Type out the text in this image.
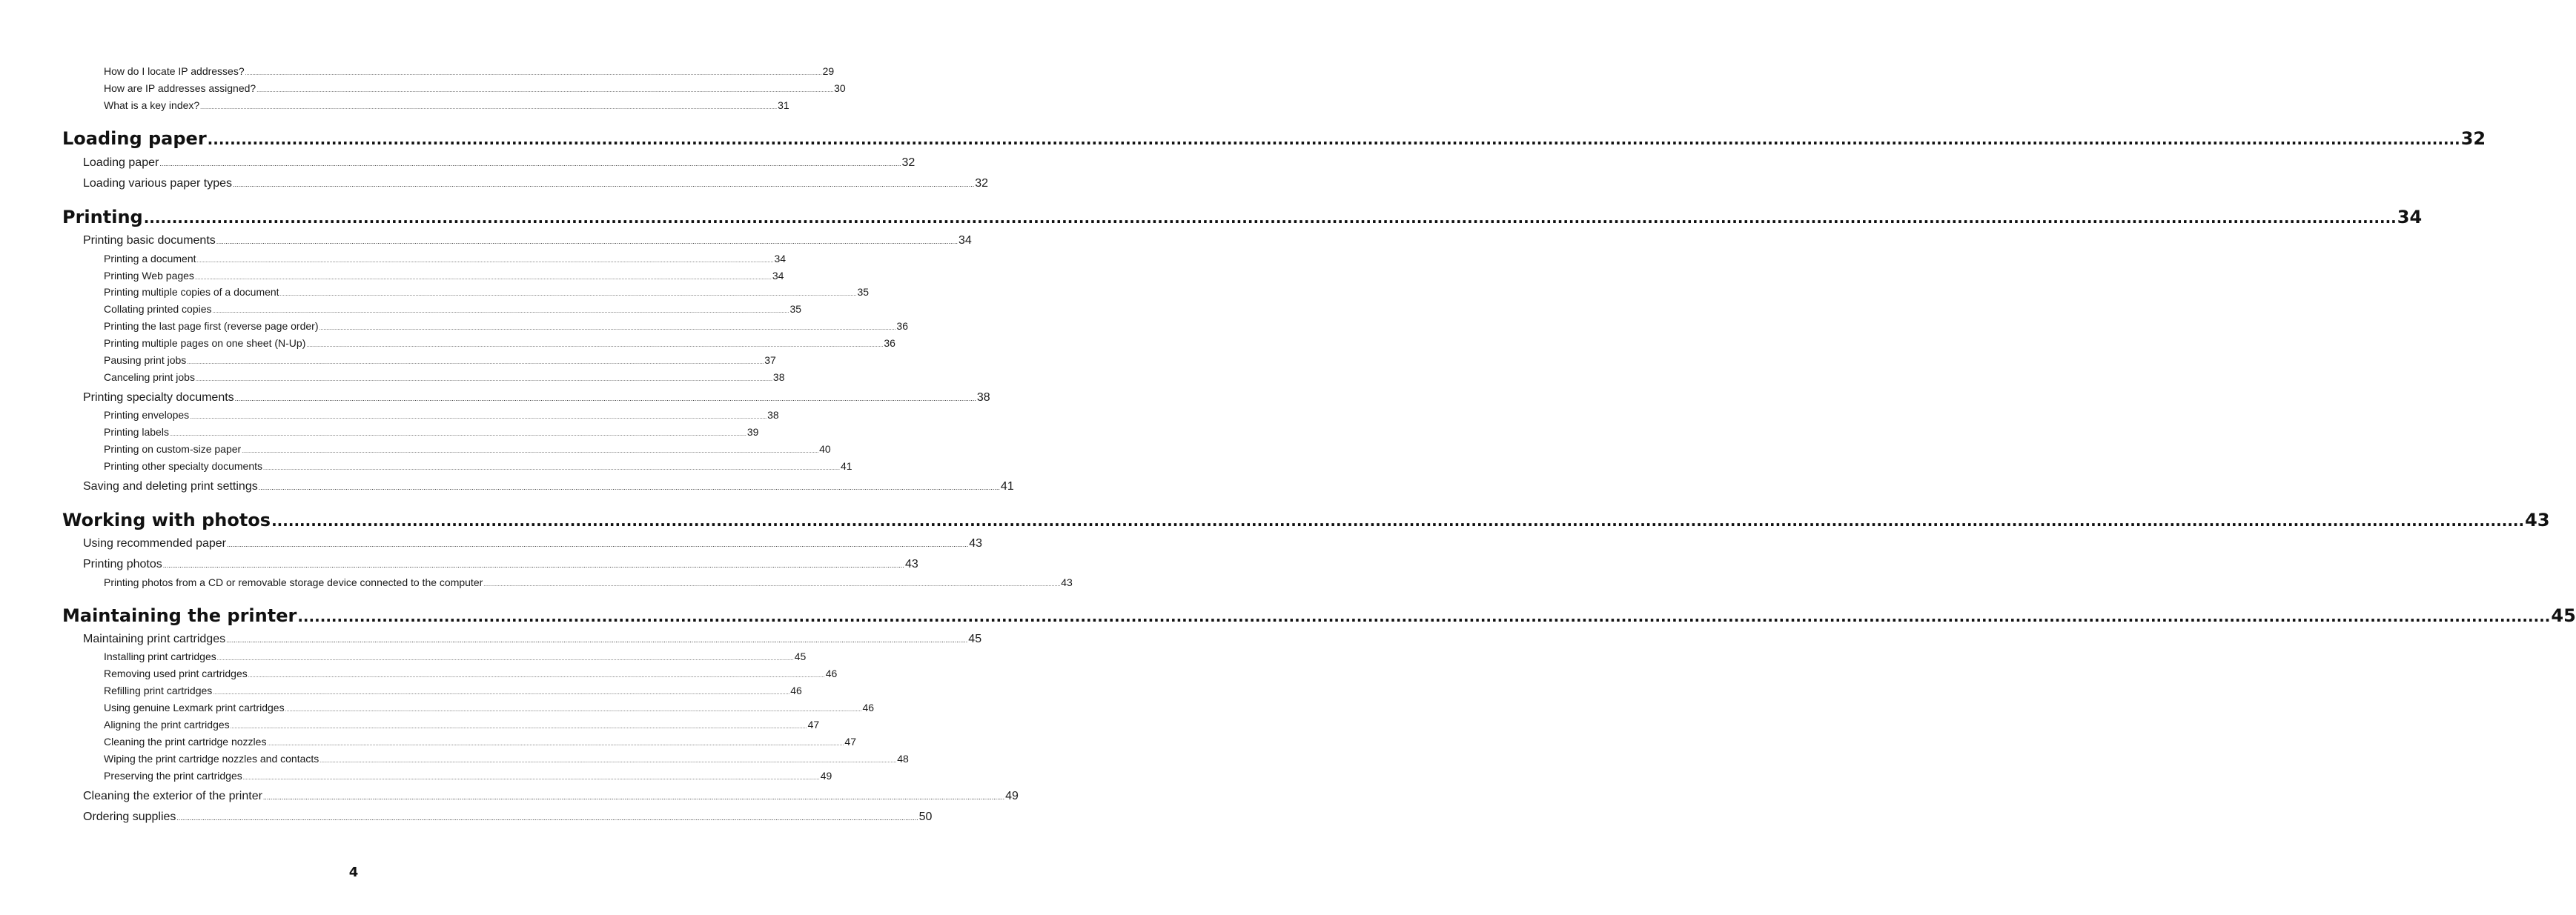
How do I locate IP addresses? ................................................................................................................................................................................................................................................................................................................................................................................................................ 29
How are IP addresses assigned? ................................................................................................................................................................................................................................................................................................................................................................................................................ 30
What is a key index? ................................................................................................................................................................................................................................................................................................................................................................................................................ 31
Loading paper ................................................................................................................................................................................................................................................................................................................................................................................................................ 32
Loading paper ................................................................................................................................................................................................................................................................................................................................................................................................................ 32
Loading various paper types ................................................................................................................................................................................................................................................................................................................................................................................................................ 32
Printing ................................................................................................................................................................................................................................................................................................................................................................................................................ 34
Printing basic documents ................................................................................................................................................................................................................................................................................................................................................................................................................ 34
Printing a document ................................................................................................................................................................................................................................................................................................................................................................................................................ 34
Printing Web pages ................................................................................................................................................................................................................................................................................................................................................................................................................ 34
Printing multiple copies of a document ................................................................................................................................................................................................................................................................................................................................................................................................................ 35
Collating printed copies ................................................................................................................................................................................................................................................................................................................................................................................................................ 35
Printing the last page first (reverse page order) ................................................................................................................................................................................................................................................................................................................................................................................................................ 36
Printing multiple pages on one sheet (N-Up) ................................................................................................................................................................................................................................................................................................................................................................................................................ 36
Pausing print jobs ................................................................................................................................................................................................................................................................................................................................................................................................................ 37
Canceling print jobs ................................................................................................................................................................................................................................................................................................................................................................................................................ 38
Printing specialty documents ................................................................................................................................................................................................................................................................................................................................................................................................................ 38
Printing envelopes ................................................................................................................................................................................................................................................................................................................................................................................................................ 38
Printing labels ................................................................................................................................................................................................................................................................................................................................................................................................................ 39
Printing on custom-size paper ................................................................................................................................................................................................................................................................................................................................................................................................................ 40
Printing other specialty documents ................................................................................................................................................................................................................................................................................................................................................................................................................ 41
Saving and deleting print settings ................................................................................................................................................................................................................................................................................................................................................................................................................ 41
Working with photos ................................................................................................................................................................................................................................................................................................................................................................................................................ 43
Using recommended paper ................................................................................................................................................................................................................................................................................................................................................................................................................ 43
Printing photos ................................................................................................................................................................................................................................................................................................................................................................................................................ 43
Printing photos from a CD or removable storage device connected to the computer ................................................................................................................................................................................................................................................................................................................................................................................................................ 43
Maintaining the printer ................................................................................................................................................................................................................................................................................................................................................................................................................ 45
Maintaining print cartridges ................................................................................................................................................................................................................................................................................................................................................................................................................ 45
Installing print cartridges ................................................................................................................................................................................................................................................................................................................................................................................................................ 45
Removing used print cartridges ................................................................................................................................................................................................................................................................................................................................................................................................................ 46
Refilling print cartridges ................................................................................................................................................................................................................................................................................................................................................................................................................ 46
Using genuine Lexmark print cartridges ................................................................................................................................................................................................................................................................................................................................................................................................................ 46
Aligning the print cartridges ................................................................................................................................................................................................................................................................................................................................................................................................................ 47
Cleaning the print cartridge nozzles ................................................................................................................................................................................................................................................................................................................................................................................................................ 47
Wiping the print cartridge nozzles and contacts ................................................................................................................................................................................................................................................................................................................................................................................................................ 48
Preserving the print cartridges ................................................................................................................................................................................................................................................................................................................................................................................................................ 49
Cleaning the exterior of the printer ................................................................................................................................................................................................................................................................................................................................................................................................................ 49
Ordering supplies ................................................................................................................................................................................................................................................................................................................................................................................................................ 50
4
